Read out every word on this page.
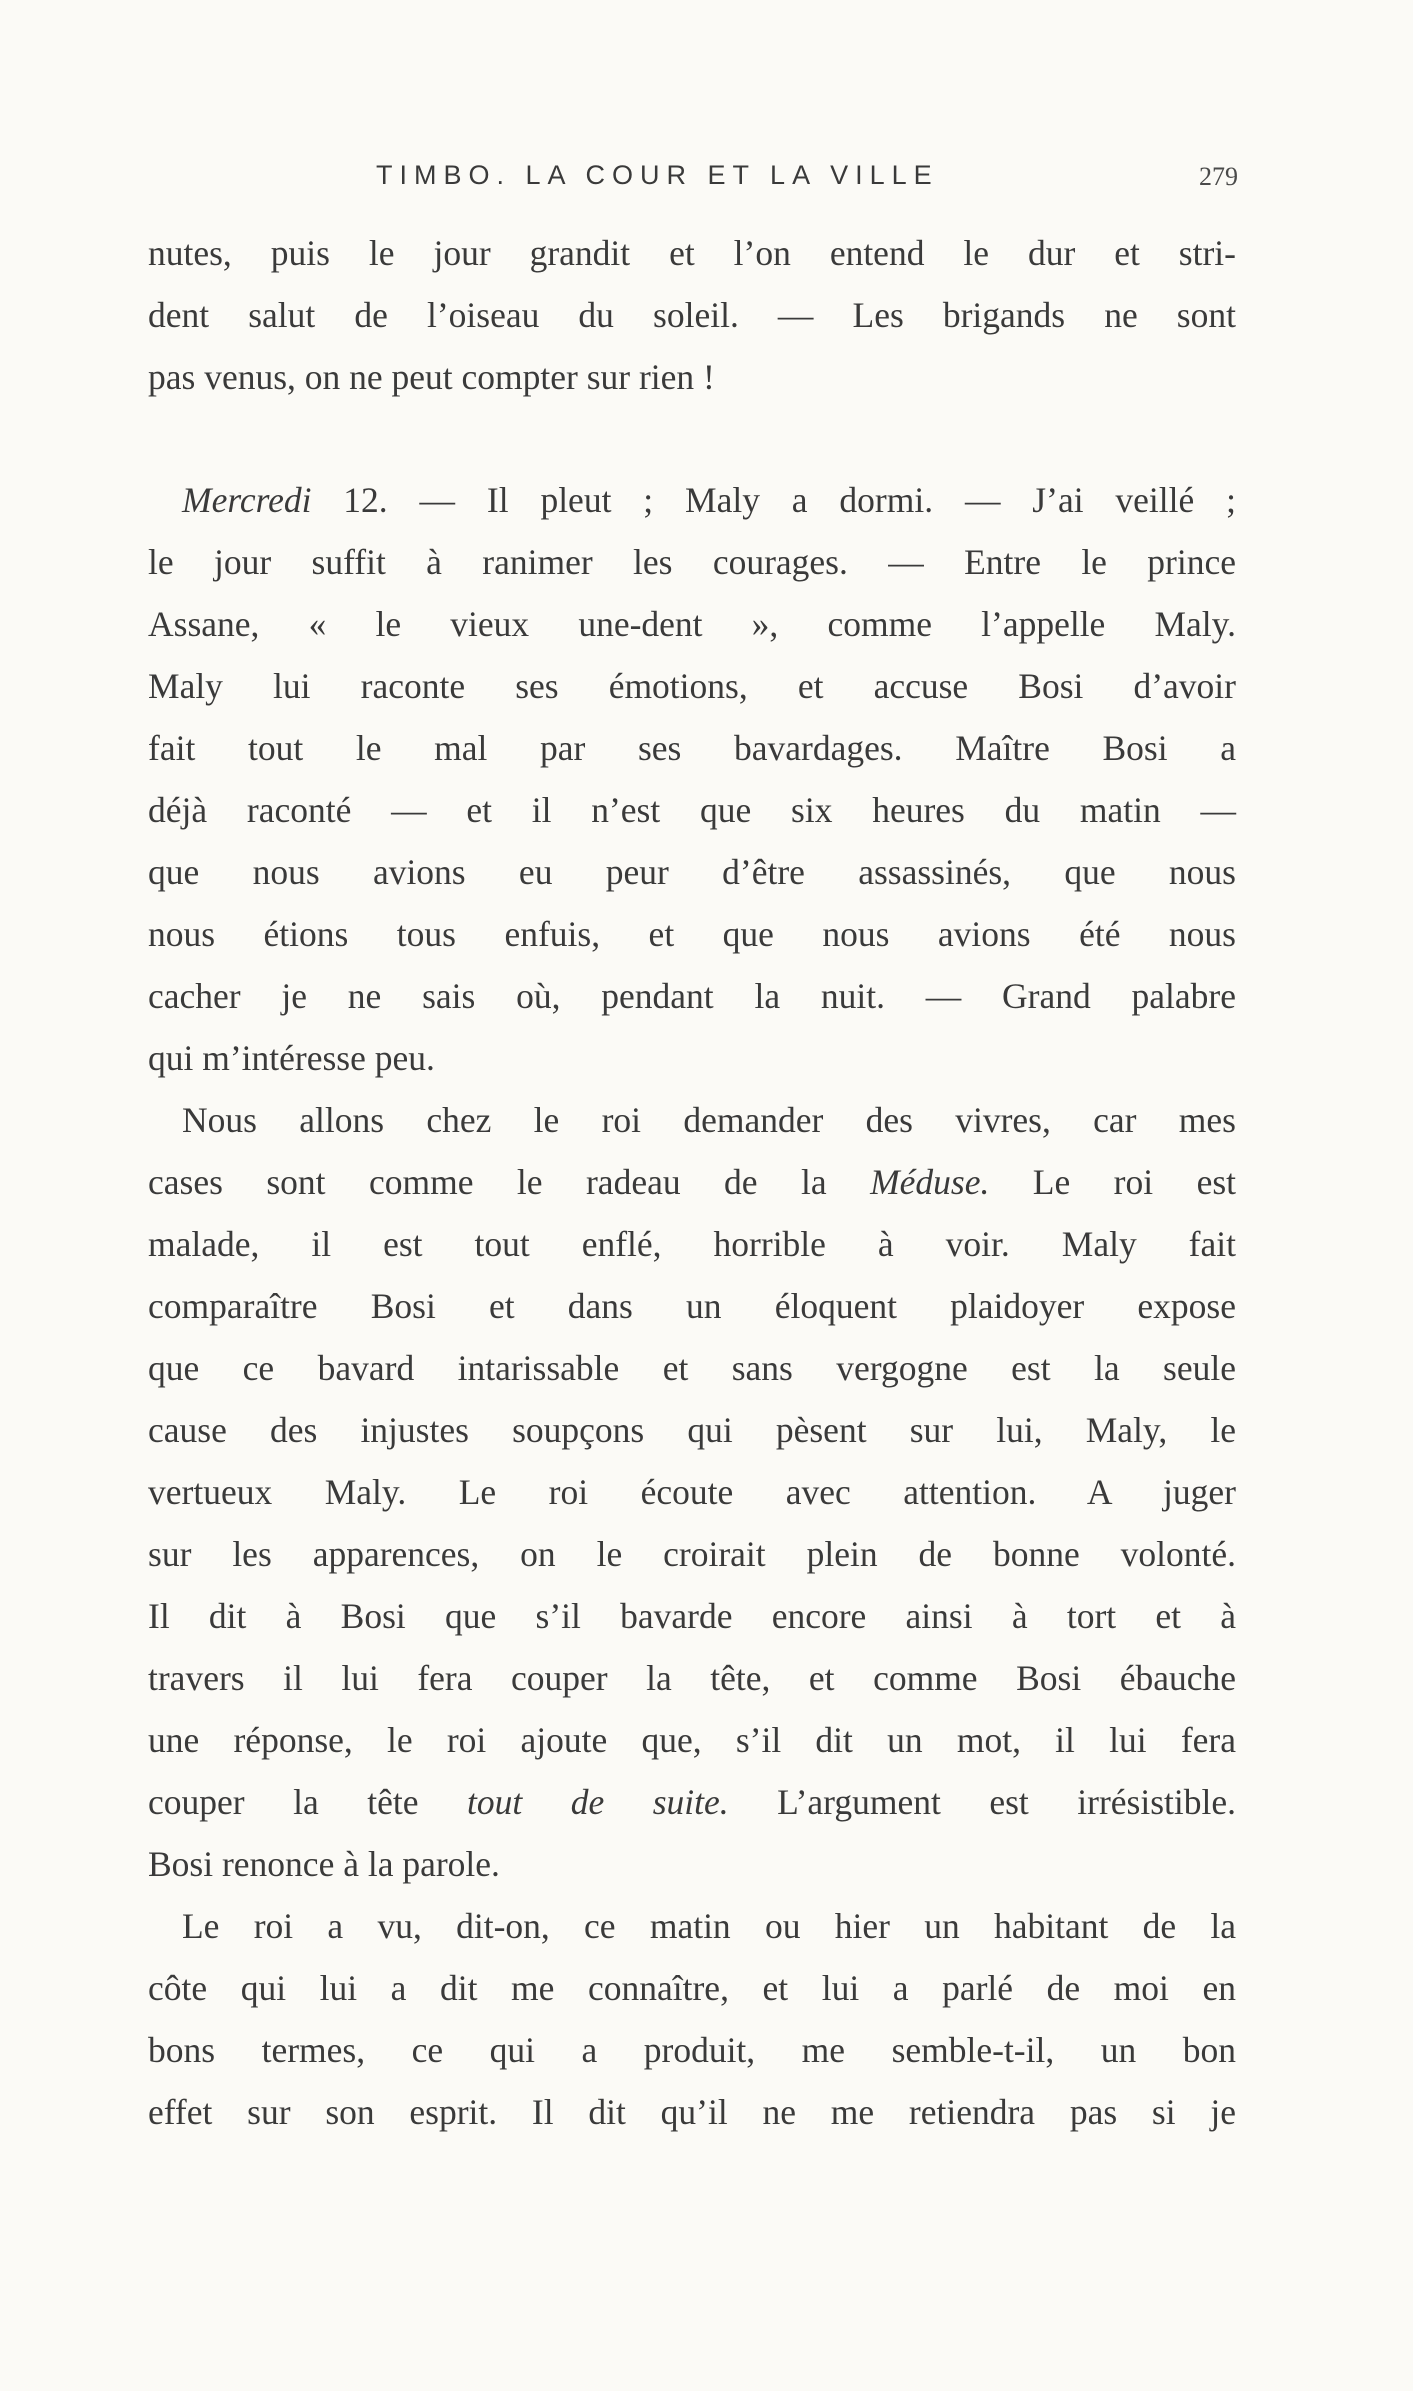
TIMBO. LA COUR ET LA VILLE	279
nutes, puis le jour grandit et l’on entend le dur et stri-
dent salut de l’oiseau du soleil. — Les brigands ne sont
pas venus, on ne peut compter sur rien !
Mercredi 12. — Il pleut ; Maly a dormi. — J’ai veillé ;
le jour suffit à ranimer les courages. — Entre le prince
Assane, « le vieux une-dent », comme l’appelle Maly.
Maly lui raconte ses émotions, et accuse Bosi d’avoir
fait tout le mal par ses bavardages. Maître Bosi a
déjà raconté — et il n’est que six heures du matin —
que nous avions eu peur d’être assassinés, que nous
nous étions tous enfuis, et que nous avions été nous
cacher je ne sais où, pendant la nuit. — Grand palabre
qui m’intéresse peu.
Nous allons chez le roi demander des vivres, car mes
cases sont comme le radeau de la Méduse. Le roi est
malade, il est tout enflé, horrible à voir. Maly fait
comparaître Bosi et dans un éloquent plaidoyer expose
que ce bavard intarissable et sans vergogne est la seule
cause des injustes soupçons qui pèsent sur lui, Maly, le
vertueux Maly. Le roi écoute avec attention. A juger
sur les apparences, on le croirait plein de bonne volonté.
Il dit à Bosi que s’il bavarde encore ainsi à tort et à
travers il lui fera couper la tête, et comme Bosi ébauche
une réponse, le roi ajoute que, s’il dit un mot, il lui fera
couper la tête tout de suite. L’argument est irrésistible.
Bosi renonce à la parole.
Le roi a vu, dit-on, ce matin ou hier un habitant de la
côte qui lui a dit me connaître, et lui a parlé de moi en
bons termes, ce qui a produit, me semble-t-il, un bon
effet sur son esprit. Il dit qu’il ne me retiendra pas si je
